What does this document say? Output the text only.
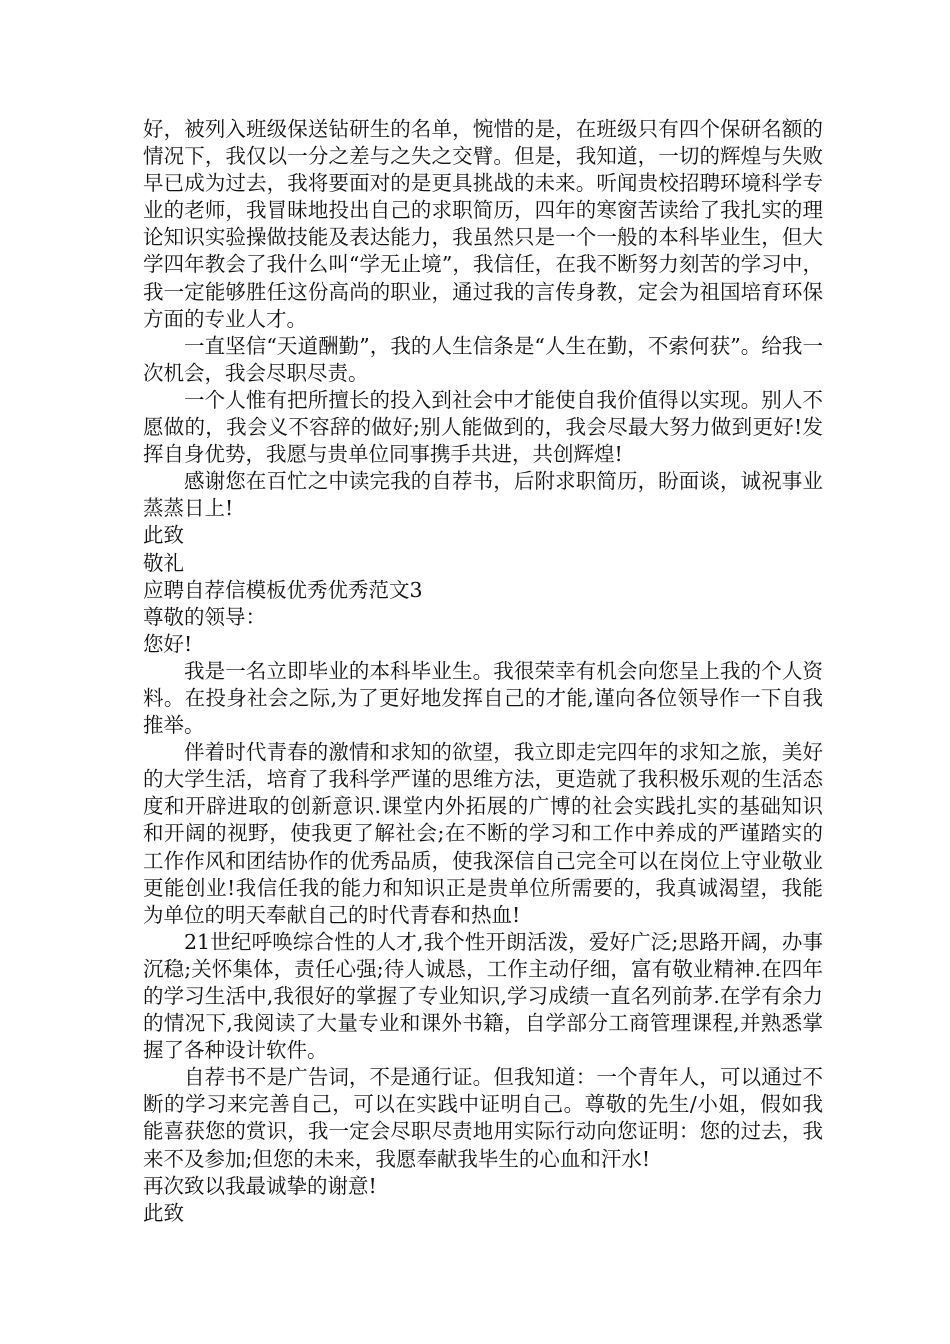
好，被列入班级保送钻研生的名单，惋惜的是，在班级只有四个保研名额的情况下，我仅以一分之差与之失之交臂。但是，我知道，一切的辉煌与失败早已成为过去，我将要面对的是更具挑战的未来。听闻贵校招聘环境科学专业的老师，我冒昧地投出自己的求职简历，四年的寒窗苦读给了我扎实的理论知识实验操做技能及表达能力，我虽然只是一个一般的本科毕业生，但大学四年教会了我什么叫“学无止境”，我信任，在我不断努力刻苦的学习中，我一定能够胜任这份高尚的职业，通过我的言传身教，定会为祖国培育环保方面的专业人才。

一直坚信“天道酬勤”，我的人生信条是“人生在勤，不索何获”。给我一次机会，我会尽职尽责。

一个人惟有把所擅长的投入到社会中才能使自我价值得以实现。别人不愿做的，我会义不容辞的做好;别人能做到的，我会尽最大努力做到更好!发挥自身优势，我愿与贵单位同事携手共进，共创辉煌!

感谢您在百忙之中读完我的自荐书，后附求职简历，盼面谈，诚祝事业蒸蒸日上!

此致

敬礼

应聘自荐信模板优秀优秀范文3

尊敬的领导：

您好!

我是一名立即毕业的本科毕业生。我很荣幸有机会向您呈上我的个人资料。在投身社会之际,为了更好地发挥自己的才能,谨向各位领导作一下自我推举。

伴着时代青春的激情和求知的欲望，我立即走完四年的求知之旅，美好的大学生活，培育了我科学严谨的思维方法，更造就了我积极乐观的生活态度和开辟进取的创新意识.课堂内外拓展的广博的社会实践扎实的基础知识和开阔的视野，使我更了解社会;在不断的学习和工作中养成的严谨踏实的工作作风和团结协作的优秀品质，使我深信自己完全可以在岗位上守业敬业更能创业!我信任我的能力和知识正是贵单位所需要的，我真诚渴望，我能为单位的明天奉献自己的时代青春和热血!

21世纪呼唤综合性的人才,我个性开朗活泼，爱好广泛;思路开阔，办事沉稳;关怀集体，责任心强;待人诚恳，工作主动仔细，富有敬业精神.在四年的学习生活中,我很好的掌握了专业知识,学习成绩一直名列前茅.在学有余力的情况下,我阅读了大量专业和课外书籍，自学部分工商管理课程,并熟悉掌握了各种设计软件。

自荐书不是广告词，不是通行证。但我知道：一个青年人，可以通过不断的学习来完善自己，可以在实践中证明自己。尊敬的先生/小姐，假如我能喜获您的赏识，我一定会尽职尽责地用实际行动向您证明：您的过去，我来不及参加;但您的未来，我愿奉献我毕生的心血和汗水!

再次致以我最诚挚的谢意!

此致
